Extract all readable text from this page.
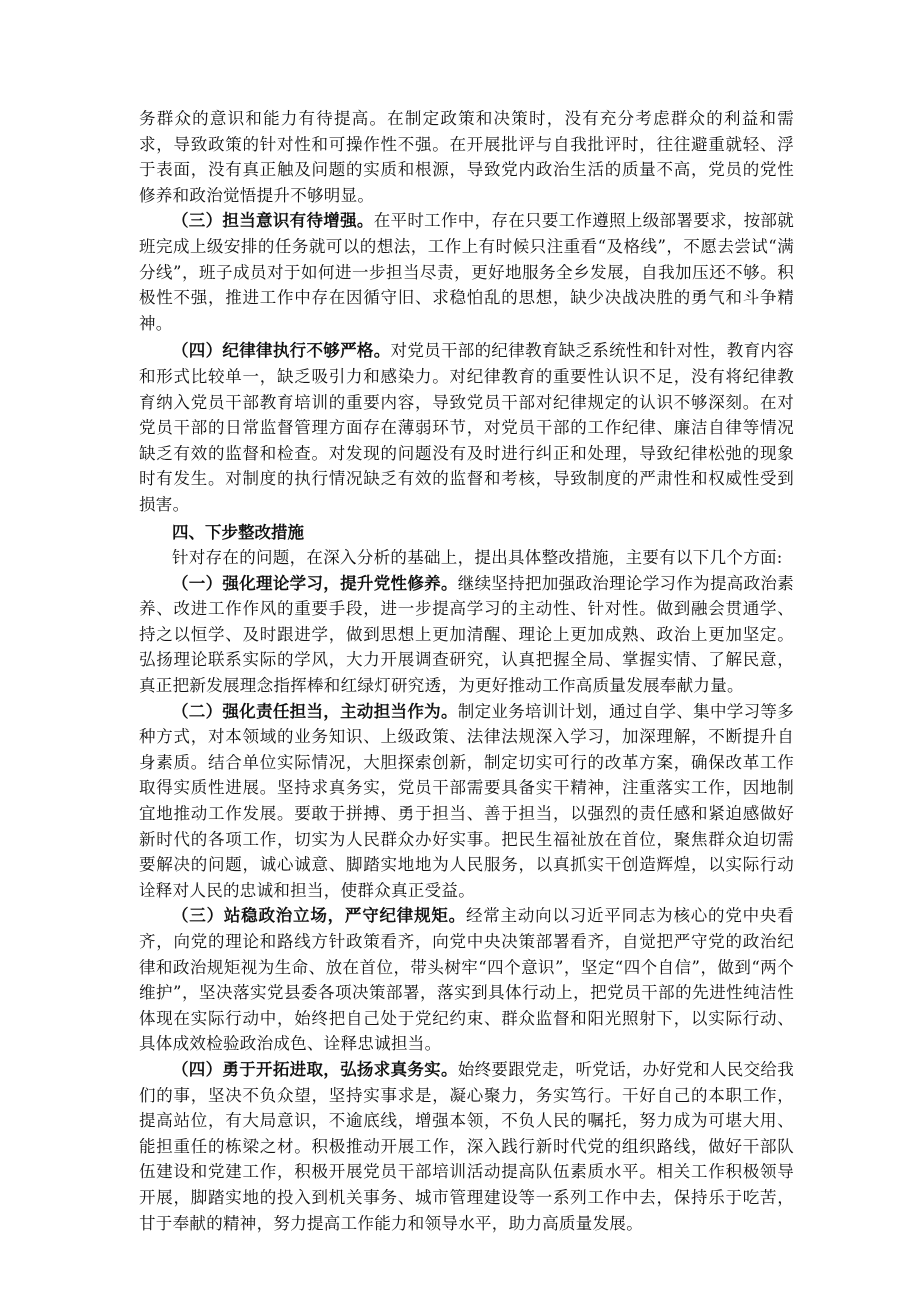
务群众的意识和能力有待提高。在制定政策和决策时，没有充分考虑群众的利益和需求，导致政策的针对性和可操作性不强。在开展批评与自我批评时，往往避重就轻、浮于表面，没有真正触及问题的实质和根源，导致党内政治生活的质量不高，党员的党性修养和政治觉悟提升不够明显。

（三）担当意识有待增强。在平时工作中，存在只要工作遵照上级部署要求，按部就班完成上级安排的任务就可以的想法，工作上有时候只注重看“及格线”，不愿去尝试“满分线”，班子成员对于如何进一步担当尽责，更好地服务全乡发展，自我加压还不够。积极性不强，推进工作中存在因循守旧、求稳怕乱的思想，缺少决战决胜的勇气和斗争精神。

（四）纪律律执行不够严格。对党员干部的纪律教育缺乏系统性和针对性，教育内容和形式比较单一，缺乏吸引力和感染力。对纪律教育的重要性认识不足，没有将纪律教育纳入党员干部教育培训的重要内容，导致党员干部对纪律规定的认识不够深刻。在对党员干部的日常监督管理方面存在薄弱环节，对党员干部的工作纪律、廉洁自律等情况缺乏有效的监督和检查。对发现的问题没有及时进行纠正和处理，导致纪律松弛的现象时有发生。对制度的执行情况缺乏有效的监督和考核，导致制度的严肃性和权威性受到损害。

四、下步整改措施

针对存在的问题，在深入分析的基础上，提出具体整改措施，主要有以下几个方面:

（一）强化理论学习，提升党性修养。继续坚持把加强政治理论学习作为提高政治素养、改进工作作风的重要手段，进一步提高学习的主动性、针对性。做到融会贯通学、持之以恒学、及时跟进学，做到思想上更加清醒、理论上更加成熟、政治上更加坚定。弘扬理论联系实际的学风，大力开展调查研究，认真把握全局、掌握实情、了解民意，真正把新发展理念指挥棒和红绿灯研究透，为更好推动工作高质量发展奉献力量。

（二）强化责任担当，主动担当作为。制定业务培训计划，通过自学、集中学习等多种方式，对本领域的业务知识、上级政策、法律法规深入学习，加深理解，不断提升自身素质。结合单位实际情况，大胆探索创新，制定切实可行的改革方案，确保改革工作取得实质性进展。坚持求真务实，党员干部需要具备实干精神，注重落实工作，因地制宜地推动工作发展。要敢于拼搏、勇于担当、善于担当，以强烈的责任感和紧迫感做好新时代的各项工作，切实为人民群众办好实事。把民生福祉放在首位，聚焦群众迫切需要解决的问题，诚心诚意、脚踏实地地为人民服务，以真抓实干创造辉煌，以实际行动诠释对人民的忠诚和担当，使群众真正受益。

（三）站稳政治立场，严守纪律规矩。经常主动向以习近平同志为核心的党中央看齐，向党的理论和路线方针政策看齐，向党中央决策部署看齐，自觉把严守党的政治纪律和政治规矩视为生命、放在首位，带头树牢“四个意识”，坚定“四个自信”，做到“两个维护”，坚决落实党县委各项决策部署，落实到具体行动上，把党员干部的先进性纯洁性体现在实际行动中，始终把自己处于党纪约束、群众监督和阳光照射下，以实际行动、具体成效检验政治成色、诠释忠诚担当。

（四）勇于开拓进取，弘扬求真务实。始终要跟党走，听党话，办好党和人民交给我们的事，坚决不负众望，坚持实事求是，凝心聚力，务实笃行。干好自己的本职工作，提高站位，有大局意识，不逾底线，增强本领，不负人民的嘱托，努力成为可堪大用、能担重任的栋梁之材。积极推动开展工作，深入践行新时代党的组织路线，做好干部队伍建设和党建工作，积极开展党员干部培训活动提高队伍素质水平。相关工作积极领导开展，脚踏实地的投入到机关事务、城市管理建设等一系列工作中去，保持乐于吃苦，甘于奉献的精神，努力提高工作能力和领导水平，助力高质量发展。
